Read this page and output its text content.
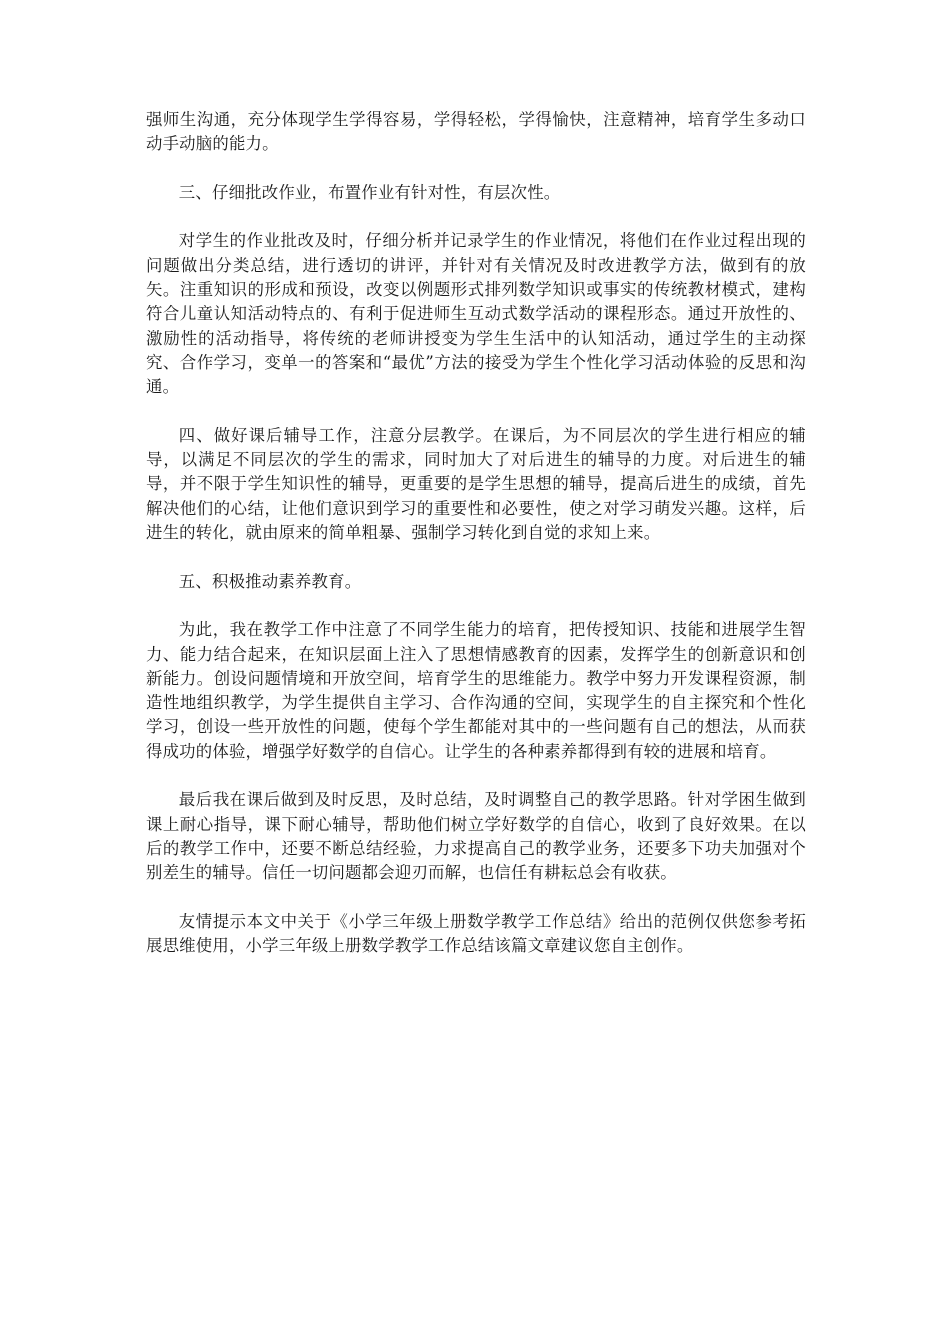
强师生沟通，充分体现学生学得容易，学得轻松，学得愉快，注意精神，培育学生多动口动手动脑的能力。

三、仔细批改作业，布置作业有针对性，有层次性。

对学生的作业批改及时，仔细分析并记录学生的作业情况，将他们在作业过程出现的问题做出分类总结，进行透切的讲评，并针对有关情况及时改进教学方法，做到有的放矢。注重知识的形成和预设，改变以例题形式排列数学知识或事实的传统教材模式，建构符合儿童认知活动特点的、有利于促进师生互动式数学活动的课程形态。通过开放性的、激励性的活动指导，将传统的老师讲授变为学生生活中的认知活动，通过学生的主动探究、合作学习，变单一的答案和“最优”方法的接受为学生个性化学习活动体验的反思和沟通。

四、做好课后辅导工作，注意分层教学。在课后，为不同层次的学生进行相应的辅导，以满足不同层次的学生的需求，同时加大了对后进生的辅导的力度。对后进生的辅导，并不限于学生知识性的辅导，更重要的是学生思想的辅导，提高后进生的成绩，首先解决他们的心结，让他们意识到学习的重要性和必要性，使之对学习萌发兴趣。这样，后进生的转化，就由原来的简单粗暴、强制学习转化到自觉的求知上来。

五、积极推动素养教育。

为此，我在教学工作中注意了不同学生能力的培育，把传授知识、技能和进展学生智力、能力结合起来，在知识层面上注入了思想情感教育的因素，发挥学生的创新意识和创新能力。创设问题情境和开放空间，培育学生的思维能力。教学中努力开发课程资源，制造性地组织教学，为学生提供自主学习、合作沟通的空间，实现学生的自主探究和个性化学习，创设一些开放性的问题，使每个学生都能对其中的一些问题有自己的想法，从而获得成功的体验，增强学好数学的自信心。让学生的各种素养都得到有较的进展和培育。

最后我在课后做到及时反思，及时总结，及时调整自己的教学思路。针对学困生做到课上耐心指导，课下耐心辅导，帮助他们树立学好数学的自信心，收到了良好效果。在以后的教学工作中，还要不断总结经验，力求提高自己的教学业务，还要多下功夫加强对个别差生的辅导。信任一切问题都会迎刃而解，也信任有耕耘总会有收获。

友情提示本文中关于《小学三年级上册数学教学工作总结》给出的范例仅供您参考拓展思维使用，小学三年级上册数学教学工作总结该篇文章建议您自主创作。
